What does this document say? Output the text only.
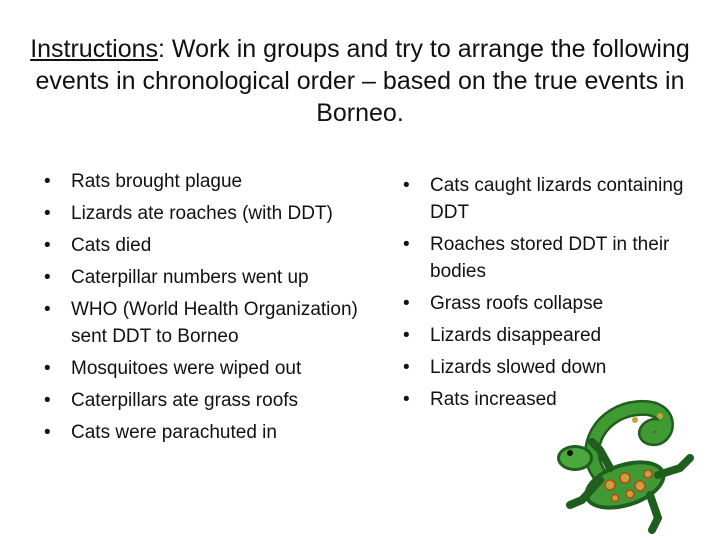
Instructions: Work in groups and try to arrange the following events in chronological order – based on the true events in Borneo.
• Rats brought plague
• Lizards ate roaches (with DDT)
• Cats died
• Caterpillar numbers went up
• WHO (World Health Organization) sent DDT to Borneo
• Mosquitoes were wiped out
• Caterpillars ate grass roofs
• Cats were parachuted in
• Cats caught lizards containing DDT
• Roaches stored DDT in their bodies
• Grass roofs collapse
• Lizards disappeared
• Lizards slowed down
• Rats increased
